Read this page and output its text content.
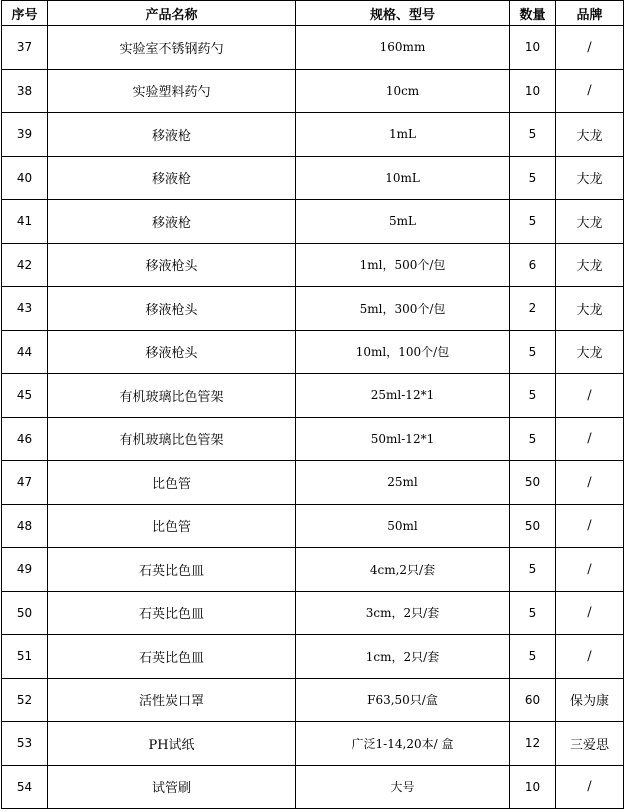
序号	产品名称	规格、型号	数量	品牌
37	实验室不锈钢药勺	160mm	10	/
38	实验塑料药勺	10cm	10	/
39	移液枪	1mL	5	大龙
40	移液枪	10mL	5	大龙
41	移液枪	5mL	5	大龙
42	移液枪头	1ml，500个/包	6	大龙
43	移液枪头	5ml，300个/包	2	大龙
44	移液枪头	10ml，100个/包	5	大龙
45	有机玻璃比色管架	25ml-12*1	5	/
46	有机玻璃比色管架	50ml-12*1	5	/
47	比色管	25ml	50	/
48	比色管	50ml	50	/
49	石英比色皿	4cm,2只/套	5	/
50	石英比色皿	3cm，2只/套	5	/
51	石英比色皿	1cm，2只/套	5	/
52	活性炭口罩	F63,50只/盒	60	保为康
53	PH试纸	广泛1-14,20本/ 盒	12	三爱思
54	试管刷	大号	10	/
